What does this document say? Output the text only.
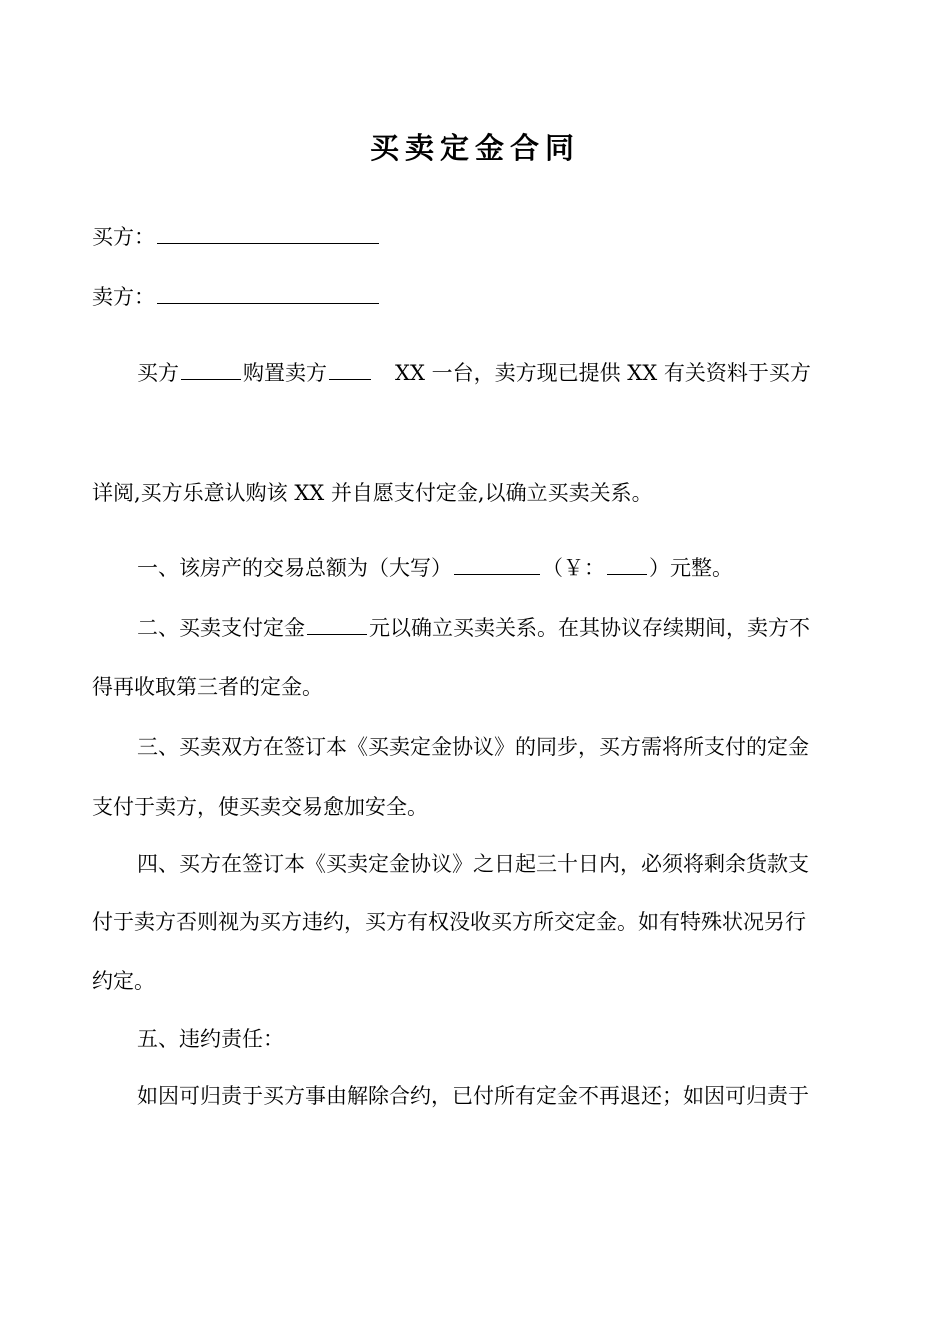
买卖定金合同
买方：
卖方：
买方	购置卖方	XX 一台，卖方现已提供 XX 有关资料于买方
详阅,买方乐意认购该 XX 并自愿支付定金,以确立买卖关系。
一、该房产的交易总额为（大写）	（￥： ）元整。
二、买卖支付定金	元以确立买卖关系。在其协议存续期间，卖方不
得再收取第三者的定金。
三、买卖双方在签订本《买卖定金协议》的同步，买方需将所支付的定金
支付于卖方，使买卖交易愈加安全。
四、买方在签订本《买卖定金协议》之日起三十日内，必须将剩余货款支
付于卖方否则视为买方违约，买方有权没收买方所交定金。如有特殊状况另行
约定。
五、违约责任：
如因可归责于买方事由解除合约，已付所有定金不再退还；如因可归责于
